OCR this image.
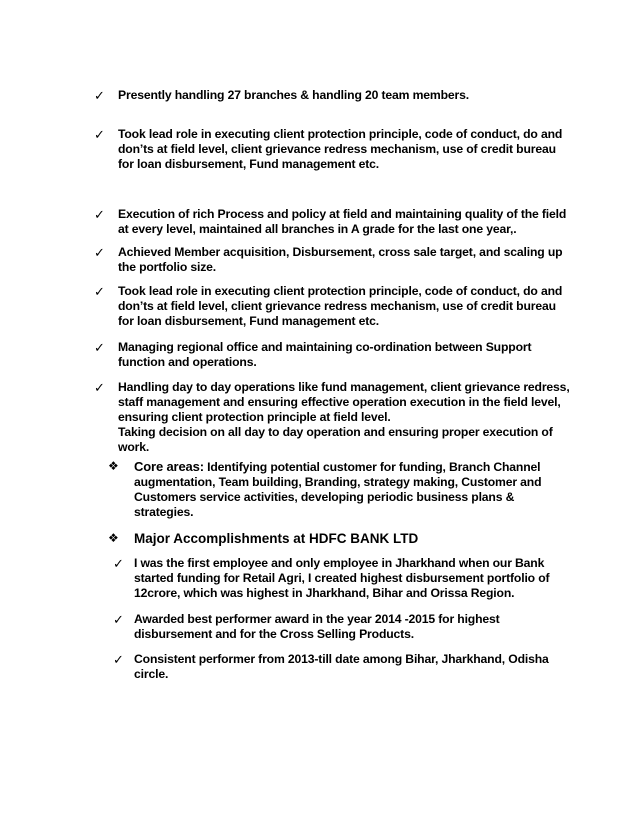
✓	Presently handling 27 branches & handling 20 team members.
✓	Took lead role in executing client protection principle, code of conduct, do and don’ts at field level, client grievance redress mechanism, use of credit bureau for loan disbursement, Fund management etc.
✓	Execution of rich Process and policy at field and maintaining quality of the field at every level, maintained all branches in A grade for the last one year,.
✓	Achieved Member acquisition, Disbursement, cross sale target, and scaling up the portfolio size.
✓	Took lead role in executing client protection principle, code of conduct, do and don’ts at field level, client grievance redress mechanism, use of credit bureau for loan disbursement, Fund management etc.
✓	Managing regional office and maintaining co-ordination between Support function and operations.
✓	Handling day to day operations like fund management, client grievance redress, staff management and ensuring effective operation execution in the field level, ensuring client protection principle at field level.
Taking decision on all day to day operation and ensuring proper execution of work.
❖	Core areas: Identifying potential customer for funding, Branch Channel augmentation, Team building, Branding, strategy making, Customer and Customers service activities, developing periodic business plans & strategies.
❖	Major Accomplishments at HDFC BANK LTD
✓ I was the first employee and only employee in Jharkhand when our Bank started funding for Retail Agri, I created highest disbursement portfolio of 12crore, which was highest in Jharkhand, Bihar and Orissa Region.
✓ Awarded best performer award in the year 2014 -2015 for highest disbursement and for the Cross Selling Products.
✓ Consistent performer from 2013-till date among Bihar, Jharkhand, Odisha circle.
